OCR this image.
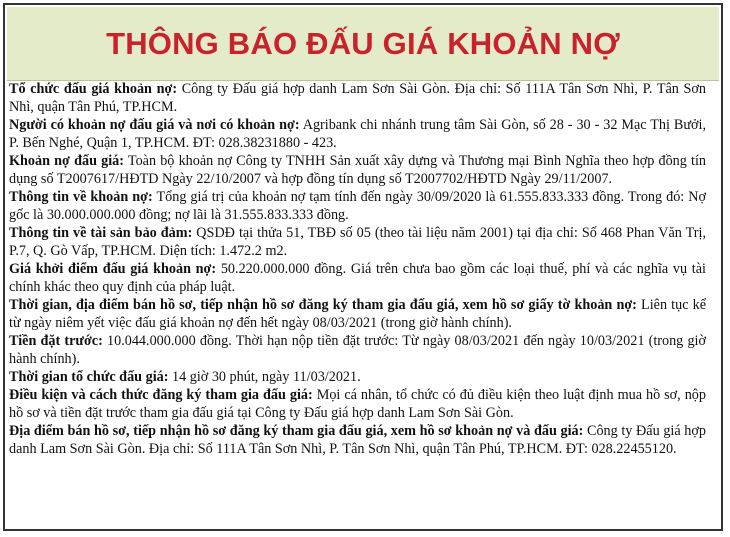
THÔNG BÁO ĐẤU GIÁ KHOẢN NỢ

Tổ chức đấu giá khoản nợ: Công ty Đấu giá hợp danh Lam Sơn Sài Gòn. Địa chỉ: Số 111A Tân Sơn Nhì, P. Tân Sơn Nhì, quận Tân Phú, TP.HCM.

Người có khoản nợ đấu giá và nơi có khoản nợ: Agribank chi nhánh trung tâm Sài Gòn, số 28 - 30 - 32 Mạc Thị Bưởi, P. Bến Nghé, Quận 1, TP.HCM. ĐT: 028.38231880 - 423.

Khoản nợ đấu giá: Toàn bộ khoản nợ Công ty TNHH Sản xuất xây dựng và Thương mại Bình Nghĩa theo hợp đồng tín dụng số T2007617/HĐTD Ngày 22/10/2007 và hợp đồng tín dụng số T2007702/HĐTD Ngày 29/11/2007.

Thông tin về khoản nợ: Tổng giá trị của khoản nợ tạm tính đến ngày 30/09/2020 là 61.555.833.333 đồng. Trong đó: Nợ gốc là 30.000.000.000 đồng; nợ lãi là 31.555.833.333 đồng.

Thông tin về tài sản bảo đảm: QSDĐ tại thửa 51, TBĐ số 05 (theo tài liệu năm 2001) tại địa chỉ: Số 468 Phan Văn Trị, P.7, Q. Gò Vấp, TP.HCM. Diện tích: 1.472.2 m2.

Giá khởi điểm đấu giá khoản nợ: 50.220.000.000 đồng. Giá trên chưa bao gồm các loại thuế, phí và các nghĩa vụ tài chính khác theo quy định của pháp luật.

Thời gian, địa điểm bán hồ sơ, tiếp nhận hồ sơ đăng ký tham gia đấu giá, xem hồ sơ giấy tờ khoản nợ: Liên tục kể từ ngày niêm yết việc đấu giá khoản nợ đến hết ngày 08/03/2021 (trong giờ hành chính).

Tiền đặt trước: 10.044.000.000 đồng. Thời hạn nộp tiền đặt trước: Từ ngày 08/03/2021 đến ngày 10/03/2021 (trong giờ hành chính).

Thời gian tổ chức đấu giá: 14 giờ 30 phút, ngày 11/03/2021.

Điều kiện và cách thức đăng ký tham gia đấu giá: Mọi cá nhân, tổ chức có đủ điều kiện theo luật định mua hồ sơ, nộp hồ sơ và tiền đặt trước tham gia đấu giá tại Công ty Đấu giá hợp danh Lam Sơn Sài Gòn.

Địa điểm bán hồ sơ, tiếp nhận hồ sơ đăng ký tham gia đấu giá, xem hồ sơ khoản nợ và đấu giá: Công ty Đấu giá hợp danh Lam Sơn Sài Gòn. Địa chỉ: Số 111A Tân Sơn Nhì, P. Tân Sơn Nhì, quận Tân Phú, TP.HCM. ĐT: 028.22455120.
